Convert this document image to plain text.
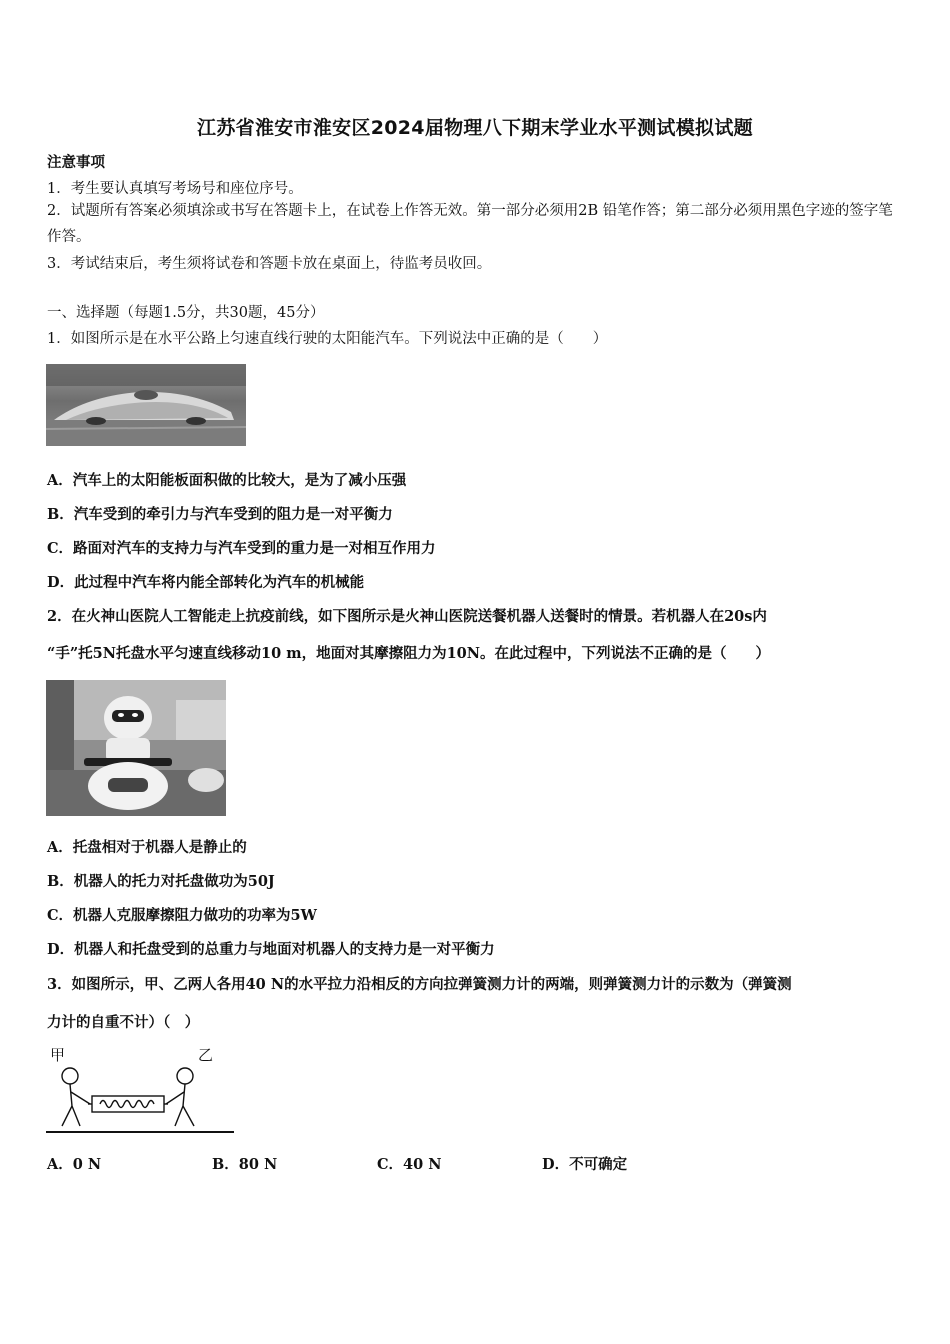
江苏省淮安市淮安区2024届物理八下期末学业水平测试模拟试题
注意事项
1．考生要认真填写考场号和座位序号。
2．试题所有答案必须填涂或书写在答题卡上，在试卷上作答无效。第一部分必须用2B 铅笔作答；第二部分必须用黑色字迹的签字笔作答。
3．考试结束后，考生须将试卷和答题卡放在桌面上，待监考员收回。
一、选择题（每题1.5分，共30题，45分）
1．如图所示是在水平公路上匀速直线行驶的太阳能汽车。下列说法中正确的是（　　）
A．汽车上的太阳能板面积做的比较大，是为了减小压强
B．汽车受到的牵引力与汽车受到的阻力是一对平衡力
C．路面对汽车的支持力与汽车受到的重力是一对相互作用力
D．此过程中汽车将内能全部转化为汽车的机械能
2．在火神山医院人工智能走上抗疫前线，如下图所示是火神山医院送餐机器人送餐时的情景。若机器人在20s内
“手”托5N托盘水平匀速直线移动10 m，地面对其摩擦阻力为10N。在此过程中，下列说法不正确的是（　　）
A．托盘相对于机器人是静止的
B．机器人的托力对托盘做功为50J
C．机器人克服摩擦阻力做功的功率为5W
D．机器人和托盘受到的总重力与地面对机器人的支持力是一对平衡力
3．如图所示，甲、乙两人各用40 N的水平拉力沿相反的方向拉弹簧测力计的两端，则弹簧测力计的示数为（弹簧测
力计的自重不计）（　）
甲	乙
A．0 N	B．80 N	C．40 N	D．不可确定
